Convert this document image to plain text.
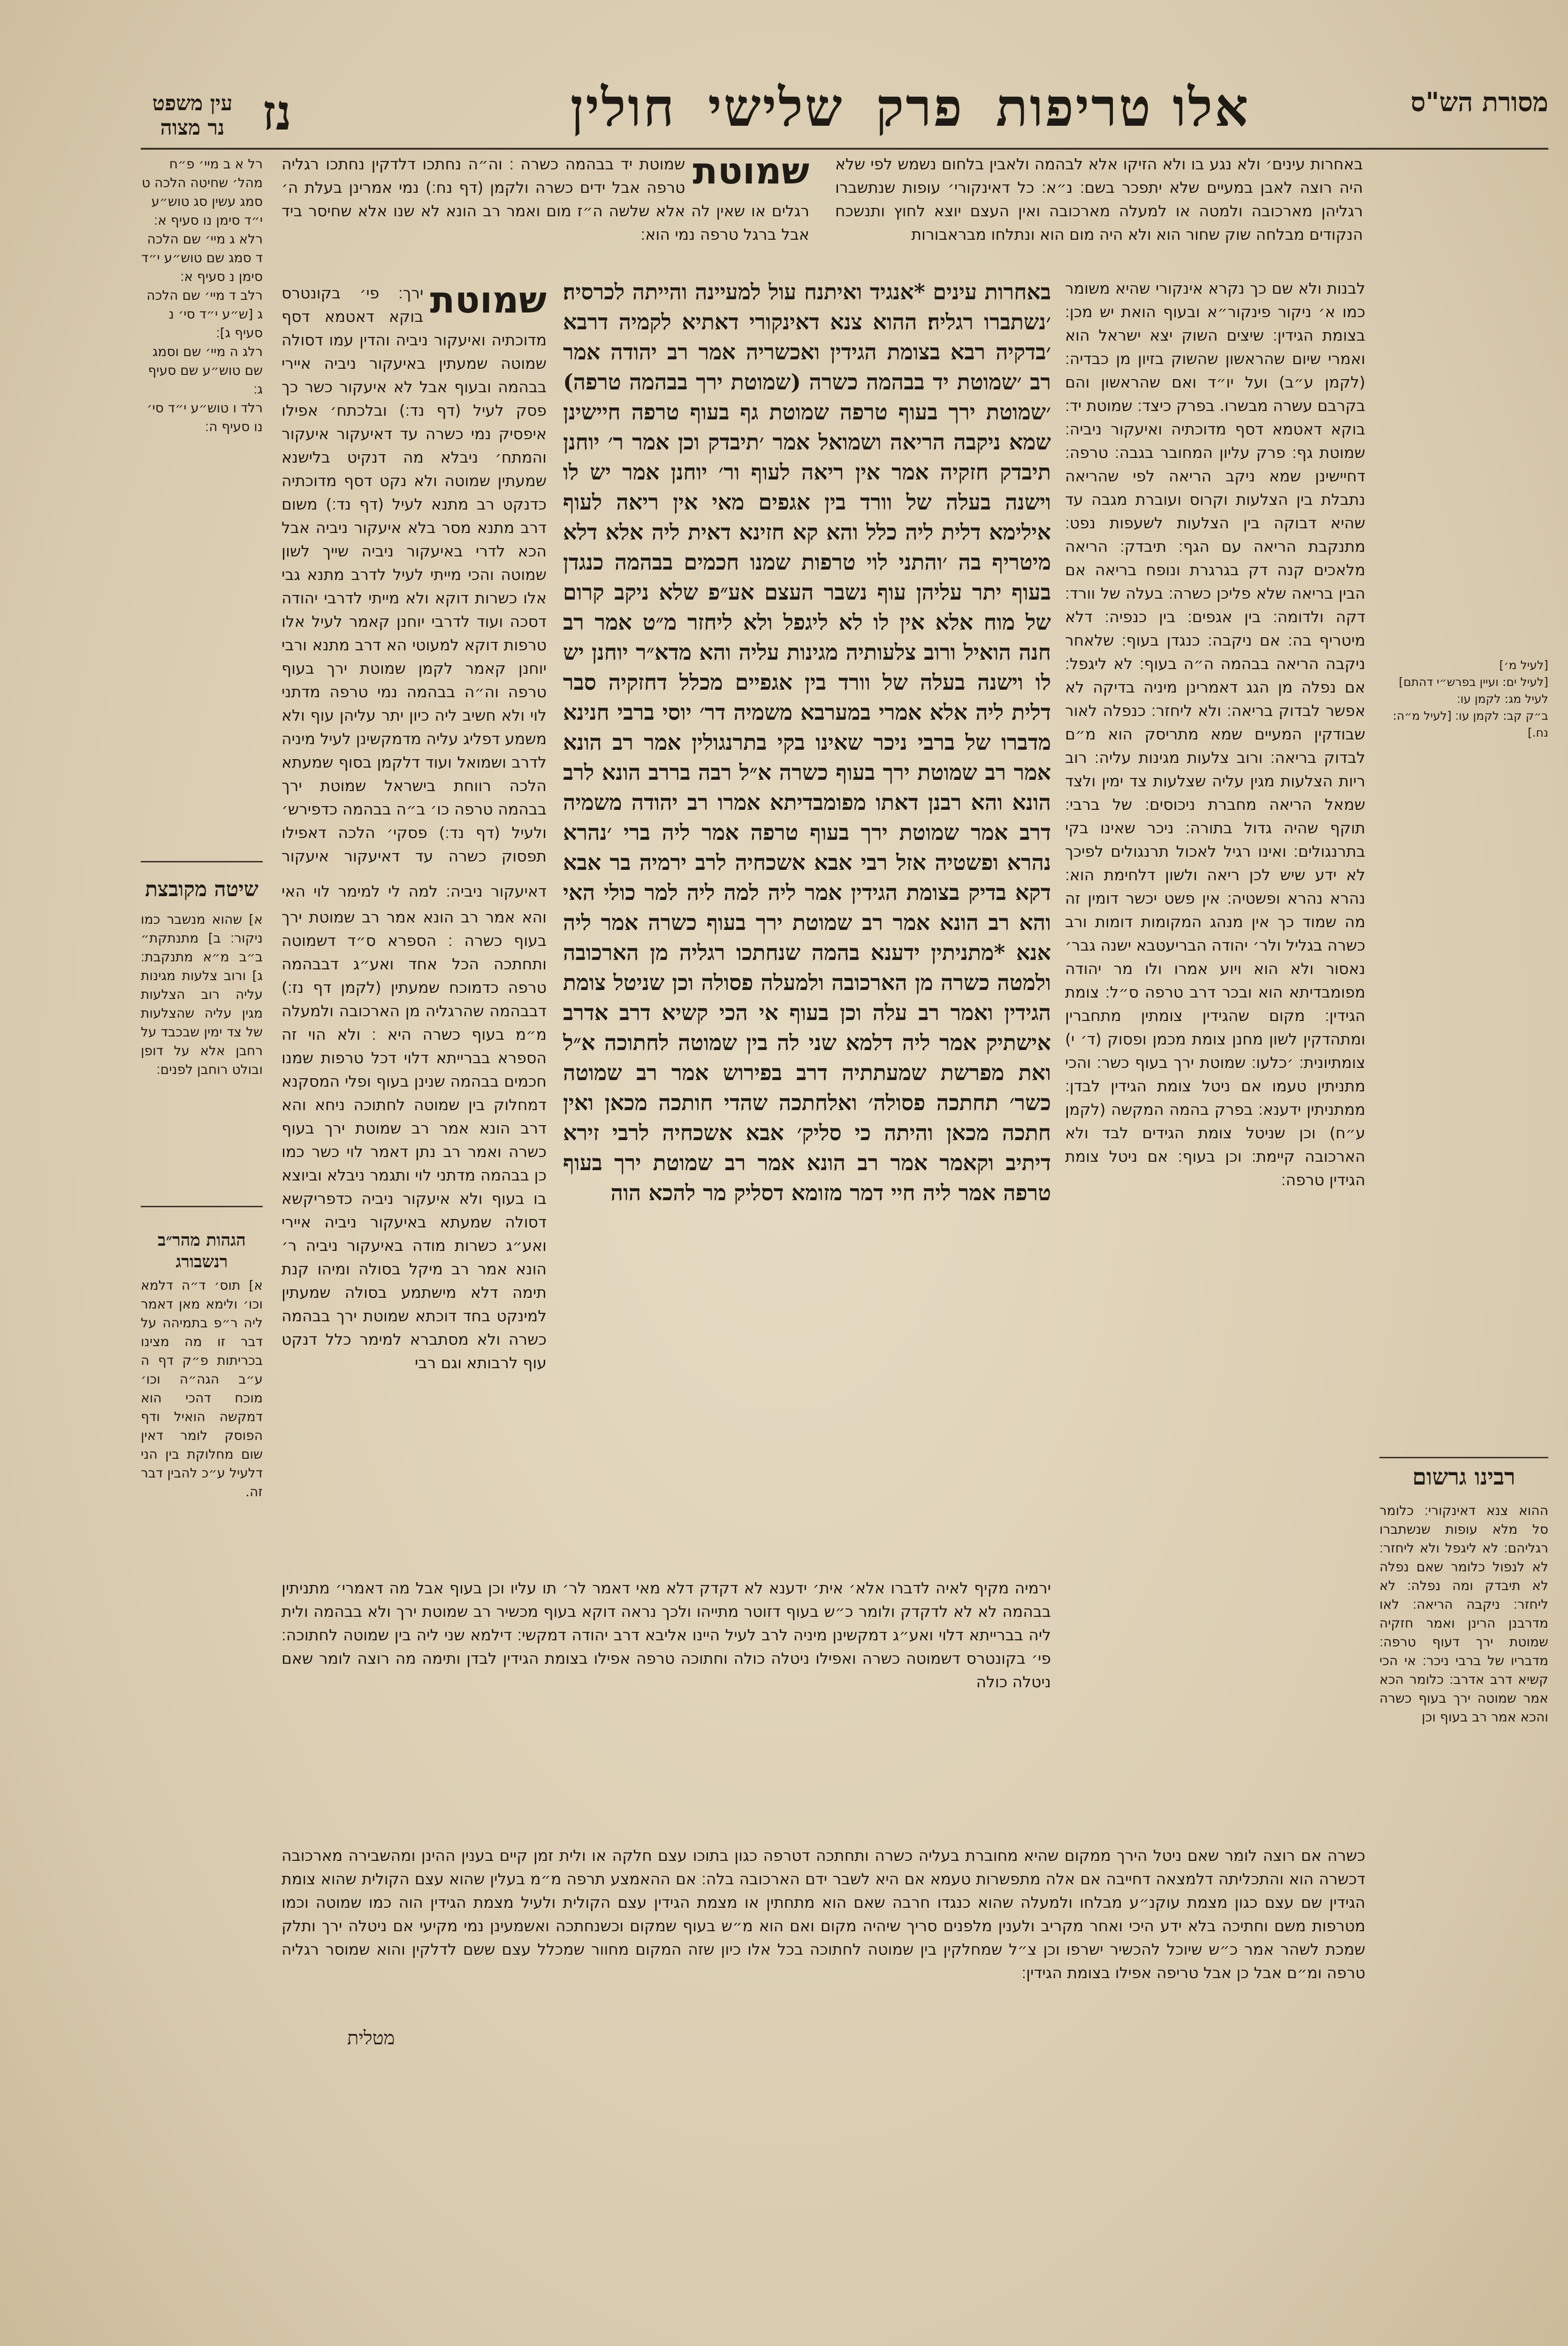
מסורת הש"ס
אלו טריפות
פרק
שלישי
חולין
נז
עין משפט
נר מצוה
רל א ב מיי׳ פ״ח מהל׳ שחיטה הלכה ט סמג עשין סג טוש״ע י״ד סימן נו סעיף א׃
רלא ג מיי׳ שם הלכה ד סמג שם טוש״ע י״ד סימן נ סעיף א׃
רלב ד מיי׳ שם הלכה ג [ש״ע י״ד סי׳ נ סעיף ג]׃
רלג ה מיי׳ שם וסמג שם טוש״ע שם סעיף ג׃
רלד ו טוש״ע י״ד סי׳ נו סעיף ה׃
שיטה מקובצת
א] שהוא מנשבר כמו ניקור׃ ב] מתנתקת״ ב״ב מ״א מתנקבת׃ ג] ורוב צלעות מגינות עליה רוב הצלעות מגין עליה שהצלעות של צד ימין שבכבד על רחבן אלא על דופן ובולט רוחבן לפנים׃
הגהות מהר״ב רנשבורג
א] תוס׳ ד״ה דלמא וכו׳ ולימא מאן דאמר ליה ר״פ בתמיהה על דבר זו מה מצינו בכריתות פ״ק דף ה ע״ב הגה״ה וכו׳ מוכח דהכי הוא דמקשה הואיל ודף הפוסק לומר דאין שום מחלוקת בין הני דלעיל ע״כ להבין דבר זה.
שמוטת
שמוטת יד בבהמה כשרה ׃ וה״ה נחתכו דלדקין נחתכו רגליה טרפה אבל ידים כשרה ולקמן (דף נח׃) נמי אמרינן בעלת ה׳ רגלים או שאין לה אלא שלשה ה״ז מום ואמר רב הונא לא שנו אלא שחיסר ביד אבל ברגל טרפה נמי הוא׃
שמוטת
ירך׃ פי׳ בקונטרס בוקא דאטמא דסף מדוכתיה ואיעקור ניביה והדין עמו דסולה שמוטה שמעתין באיעקור ניביה איירי בבהמה ובעוף אבל לא איעקור כשר כך פסק לעיל (דף נד׃) ובלכתח׳ אפילו איפסיק נמי כשרה עד דאיעקור איעקור והמתח׳ ניבלא מה דנקיט בלישנא שמעתין שמוטה ולא נקט דסף מדוכתיה כדנקט רב מתנא לעיל (דף נד׃) משום דרב מתנא מסר בלא איעקור ניביה אבל הכא לדרי באיעקור ניביה שייך לשון שמוטה והכי מייתי לעיל לדרב מתנא גבי אלו כשרות דוקא ולא מייתי לדרבי יהודה דסכה ועוד לדרבי יוחנן קאמר לעיל אלו טרפות דוקא למעוטי הא דרב מתנא ורבי יוחנן קאמר לקמן שמוטת ירך בעוף טרפה וה״ה בבהמה נמי טרפה מדתני לוי ולא חשיב ליה כיון יתר עליהן עוף ולא משמע דפליג עליה מדמקשינן לעיל מיניה לדרב ושמואל ועוד דלקמן בסוף שמעתא הלכה רווחת בישראל שמוטת ירך בבהמה טרפה כו׳ ב״ה בבהמה כדפירש׳ ולעיל (דף נד׃) פסקי׳ הלכה דאפילו תפסוק כשרה עד דאיעקור איעקור דאיעקור ניביה׃ למה לי למימר לוי האי והא אמר רב הונא אמר רב שמוטת ירך בעוף כשרה ׃ הספרא ס״ד דשמוטה ותחתכה הכל אחד ואע״ג דבבהמה טרפה כדמוכח שמעתין (לקמן דף נז׃) דבבהמה שהרגליה מן הארכובה ולמעלה מ״מ בעוף כשרה היא ׃ ולא הוי זה הספרא בברייתא דלוי דכל טרפות שמנו חכמים בבהמה שנינן בעוף ופלי המסקנא דמחלוק בין שמוטה לחתוכה ניחא והא דרב הונא אמר רב שמוטת ירך בעוף כשרה ואמר רב נתן דאמר לוי כשר כמו כן בבהמה מדתני לוי ותגמר ניבלא וביוצא בו בעוף ולא איעקור ניביה כדפריקשא דסולה שמעתא באיעקור ניביה איירי ואע״ג כשרות מודה באיעקור ניביה ר׳ הונא אמר רב מיקל בסולה ומיהו קנת תימה דלא מישתמע בסולה שמעתין למינקט בחד דוכתא שמוטת ירך בבהמה כשרה ולא מסתברא למימר כלל דנקט עוף לרבותא וגם רבי
באחרות עינים *אנגיד ואיתנח עול למעיינה והייתה לכרסיה׃ ׳נשתברו רגליה׃ ההוא צנא דאינקורי דאתיא לקמיה דרבא ׳בדקיה רבא בצומת הגידין ואכשריה אמר רב יהודה אמר רב ׳שמוטת יד בבהמה כשרה (שמוטת ירך בבהמה טרפה) ׳שמוטת ירך בעוף טרפה שמוטת גף בעוף טרפה חיישינן שמא ניקבה הריאה ושמואל אמר ׳תיבדק וכן אמר ר׳ יוחנן תיבדק חזקיה אמר אין ריאה לעוף ור׳ יוחנן אמר יש לו וישנה בעלה של וורד בין אגפים מאי אין ריאה לעוף אילימא דלית ליה כלל והא קא חזינא דאית ליה אלא דלא מיטריף בה ׳והתני לוי טרפות שמנו חכמים בבהמה כנגדן בעוף יתר עליהן עוף נשבר העצם אע״פ שלא ניקב קרום של מוח אלא אין לו לא ליגפל ולא ליחזר מ״ט אמר רב חנה הואיל ורוב צלעותיה מגינות עליה והא מדא״ר יוחנן יש לו וישנה בעלה של וורד בין אגפיים מכלל דחזקיה סבר דלית ליה אלא אמרי במערבא משמיה דר׳ יוסי ברבי חנינא מדברו של ברבי ניכר שאינו בקי בתרנגולין אמר רב הונא אמר רב שמוטת ירך בעוף כשרה א״ל רבה בררב הונא לרב הונא והא רבנן דאתו מפומבדיתא אמרו רב יהודה משמיה דרב אמר שמוטת ירך בעוף טרפה אמר ליה ברי ׳נהרא נהרא ופשטיה אזל רבי אבא אשכחיה לרב ירמיה בר אבא דקא בדיק בצומת הגידין אמר ליה למה ליה למר כולי האי והא רב הונא אמר רב שמוטת ירך בעוף כשרה אמר ליה אנא *מתניתין ידענא בהמה שנחתכו רגליה מן הארכובה ולמטה כשרה מן הארכובה ולמעלה פסולה וכן שניטל צומת הגידין ואמר רב עלה וכן בעוף אי הכי קשיא דרב אדרב אישתיק אמר ליה דלמא שני לה בין שמוטה לחתוכה א״ל ואת מפרשת שמעתתיה דרב בפירוש אמר רב שמוטה כשר׳ תחתכה פסולה׳ ואלחתכה שהדי חותכה מכאן ואין חתכה מכאן והיתה כי סליק׳ אבא אשכחיה לרבי זירא דיתיב וקאמר אמר רב הונא אמר רב שמוטת ירך בעוף טרפה אמר ליה חיי דמר מזומא דסליק מר להכא הוה
באחרות עינים׳ ולא נגע בו ולא הזיקו אלא לבהמה ולאבין בלחום נשמש לפי שלא היה רוצה לאבן במעיים שלא יתפכר בשם׃ נ״א׃ כל דאינקורי׳ עופות שנתשברו רגליהן מארכובה ולמטה או למעלה מארכובה ואין העצם יוצא לחוץ ותנשכח הנקודים מבלחה שוק שחור הוא ולא היה מום הוא ונתלחו מבראבורות
לבנות ולא שם כך נקרא אינקורי שהיא משומר כמו א׳ ניקור פינקור״א ובעוף הואת יש מכן׃ בצומת הגידין׃ שיצים השוק יצא ישראל הוא ואמרי שיום שהראשון שהשוק בזיון מן כבדיה׃ (לקמן ע״ב) ועל יו״ד ואם שהראשון והם בקרבם עשרה מבשרו. בפרק כיצד׃ שמוטת יד׃ בוקא דאטמא דסף מדוכתיה ואיעקור ניביה׃ שמוטת גף׃ פרק עליון המחובר בגבה׃ טרפה׃ דחיישינן שמא ניקב הריאה לפי שהריאה נתבלת בין הצלעות וקרוס ועוברת מגבה עד שהיא דבוקה בין הצלעות לשעפות נפט׃ מתנקבת הריאה עם הגף׃ תיבדק׃ הריאה מלאכים קנה דק בגרגרת ונופח בריאה אם הבין בריאה שלא פליכן כשרה׃ בעלה של וורד׃ דקה ולדומה׃ בין אגפים׃ בין כנפיה׃ דלא מיטריף בה׃ אם ניקבה׃ כנגדן בעוף׃ שלאחר ניקבה הריאה בבהמה ה״ה בעוף׃ לא ליגפל׃ אם נפלה מן הגג דאמרינן מיניה בדיקה לא אפשר לבדוק בריאה׃ ולא ליחזר׃ כנפלה לאור שבודקין המעיים שמא מתריסק הוא מ״ם לבדוק בריאה׃ ורוב צלעות מגינות עליה׃ רוב ריות הצלעות מגין עליה שצלעות צד ימין ולצד שמאל הריאה מחברת ניכוסים׃ של ברבי׃ תוקף שהיה גדול בתורה׃ ניכר שאינו בקי בתרנגולים׃ ואינו רגיל לאכול תרנגולים לפיכך לא ידע שיש לכן ריאה ולשון דלחימת הוא׃ נהרא נהרא ופשטיה׃ אין פשט יכשר דומין זה מה שמוד כך אין מנהג המקומות דומות ורב כשרה בגליל ולר׳ יהודה הבריעטבא ישנה גבר׳ נאסור ולא הוא ויוע אמרו ולו מר יהודה מפומבדיתא הוא ובכר דרב טרפה ס״ל׃ צומת הגידין׃ מקום שהגידין צומתין מתחברין ומתהדקין לשון מחנן צומת מכמן ופסוק (ד׳ י) צומתיונית׃ ׳כלעו׃ שמוטת ירך בעוף כשר׃ והכי מתניתין טעמו אם ניטל צומת הגידין לבדן׃ ממתניתין ידענא׃ בפרק בהמה המקשה (לקמן ע״ח) וכן שניטל צומת הגידים לבד ולא הארכובה קיימת׃ וכן בעוף׃ אם ניטל צומת הגידין טרפה׃
[לעיל מ׳]
[לעיל ים: ועיין בפרש״י דהתם]
לעיל מג: לקמן עו׃
ב״ק קב: לקמן עו׃ [לעיל מ״ה: נח.]
רבינו גרשום
ההוא צנא דאינקורי׃ כלומר סל מלא עופות שנשתברו רגליהם׃ לא ליגפל ולא ליחזר׃ לא לנפול כלומר שאם נפלה לא תיבדק ומה נפלה׃ לא ליחזר׃ ניקבה הריאה׃ לאו מדרבנן הרינן ואמר חזקיה שמוטת ירך דעוף טרפה׃ מדבריו של ברבי ניכר׃ אי הכי קשיא דרב אדרב׃ כלומר הכא אמר שמוטה ירך בעוף כשרה והכא אמר רב בעוף וכן
ירמיה מקיף לאיה לדברו אלא׳ אית׳ ידענא לא דקדק דלא מאי דאמר לר׳ תו עליו וכן בעוף אבל מה דאמרי׳ מתניתין בבהמה לא לא לדקדק ולומר כ״ש בעוף דזוטר מתייהו ולכך נראה דוקא בעוף מכשיר רב שמוטת ירך ולא בבהמה ולית ליה בברייתא דלוי ואע״ג דמקשינן מיניה לרב לעיל היינו אליבא דרב יהודה דמקשי׃ דילמא שני ליה בין שמוטה לחתוכה׃ פי׳ בקונטרס דשמוטה כשרה ואפילו ניטלה כולה וחתוכה טרפה אפילו בצומת הגידין לבדן ותימה מה רוצה לומר שאם ניטלה כולה
כשרה אם רוצה לומר שאם ניטל הירך ממקום שהיא מחוברת בעליה כשרה ותחתכה דטרפה כגון בתוכו עצם חלקה או ולית זמן קיים בענין ההינן ומהשבירה מארכובה דכשרה הוא והתכליתה דלמצאה דחייבה אם אלה מתפשרות טעמא אם היא לשבר ידם הארכובה בלה׃ אם ההאמצע תרפה מ״מ בעלין שהוא עצם הקולית שהוא צומת הגידין שם עצם כגון מצמת עוקנ״ע מבלחו ולמעלה שהוא כנגדו חרבה שאם הוא מתחתין או מצמת הגידין עצם הקולית ולעיל מצמת הגידין הוה כמו שמוטה וכמו מטרפות משם וחתיכה בלא ידע היכי ואחר מקריב ולענין מלפנים סריך שיהיה מקום ואם הוא מ״ש בעוף שמקום וכשנחתכה ואשמעינן נמי מקיעי אם ניטלה ירך ותלק שמכת לשהר אמר כ״ש שיוכל להכשיר ישרפו וכן צ״ל שמחלקין בין שמוטה לחתוכה בכל אלו כיון שזה המקום מחוור שמכלל עצם ששם לדלקין והוא שמוסר רגליה טרפה ומ״ם אבל כן אבל טריפה אפילו בצומת הגידין׃
מטלית
